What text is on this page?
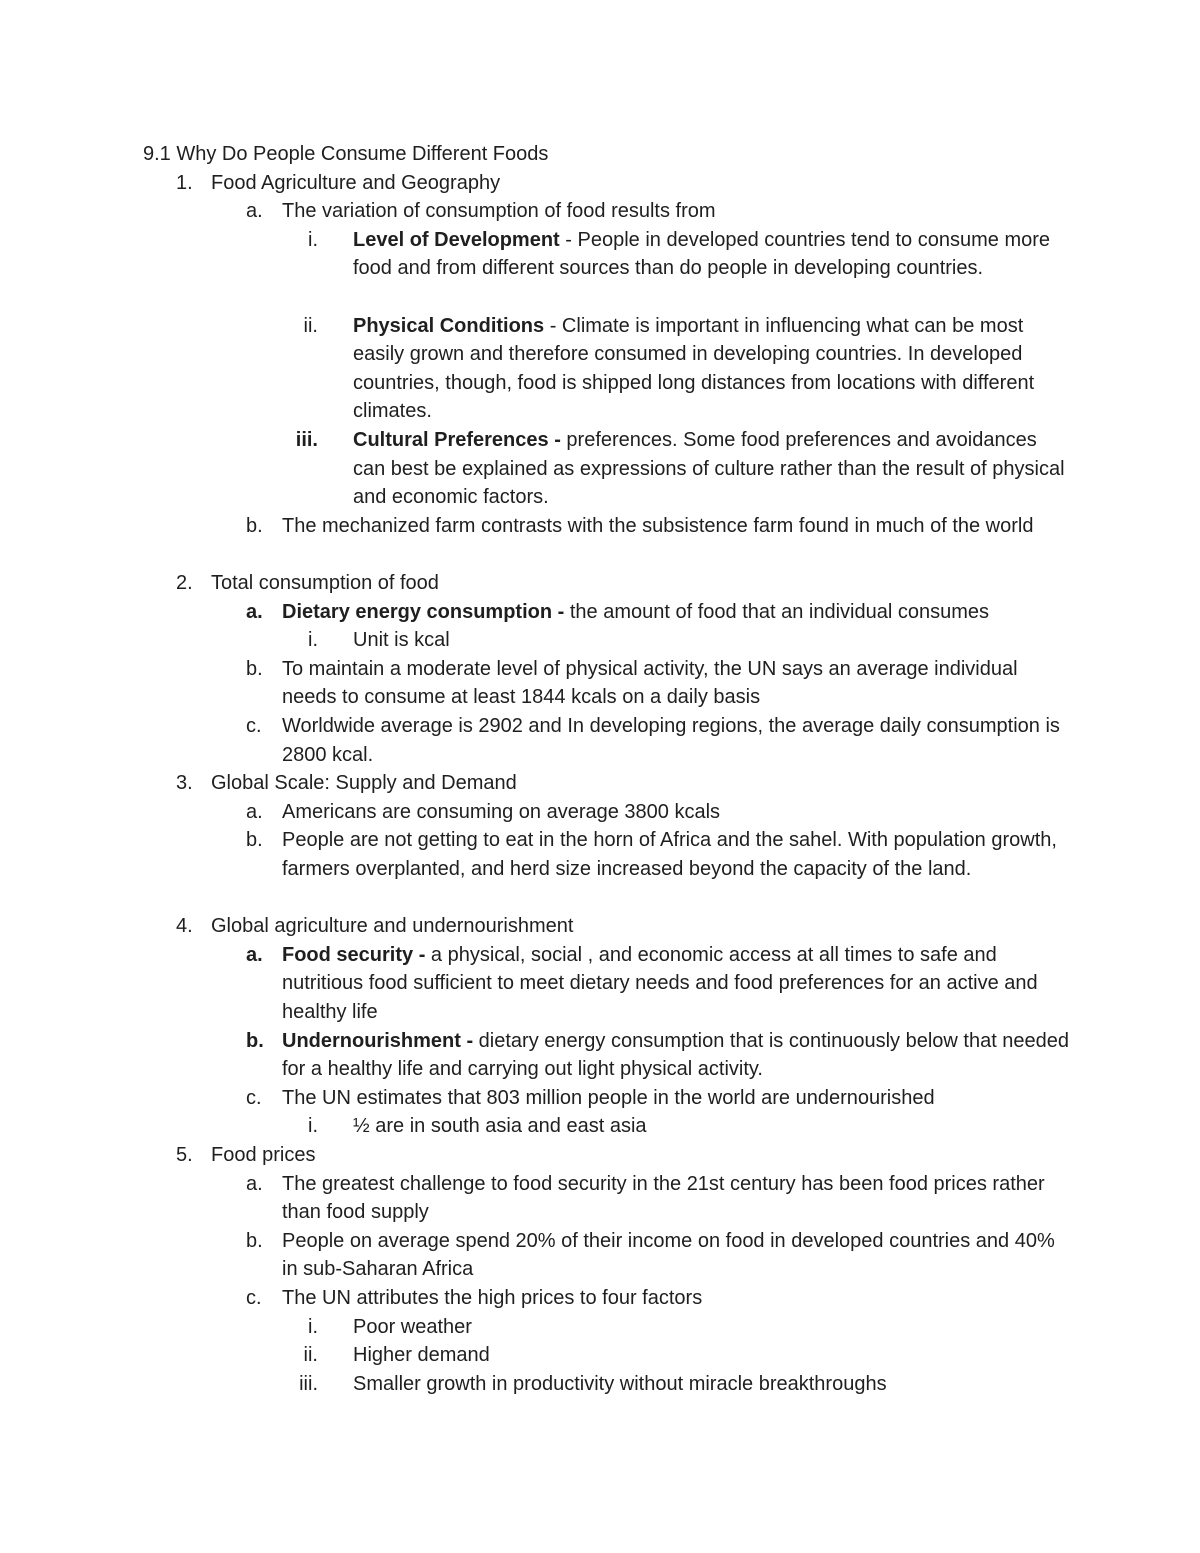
9.1 Why Do People Consume Different Foods
1. Food Agriculture and Geography
a. The variation of consumption of food results from
i. Level of Development - People in developed countries tend to consume more food and from different sources than do people in developing countries.
ii. Physical Conditions - Climate is important in influencing what can be most easily grown and therefore consumed in developing countries. In developed countries, though, food is shipped long distances from locations with different climates.
iii. Cultural Preferences - preferences. Some food preferences and avoidances can best be explained as expressions of culture rather than the result of physical and economic factors.
b. The mechanized farm contrasts with the subsistence farm found in much of the world
2. Total consumption of food
a. Dietary energy consumption - the amount of food that an individual consumes
i. Unit is kcal
b. To maintain a moderate level of physical activity, the UN says an average individual needs to consume at least 1844 kcals on a daily basis
c. Worldwide average is 2902 and In developing regions, the average daily consumption is 2800 kcal.
3. Global Scale: Supply and Demand
a. Americans are consuming on average 3800 kcals
b. People are not getting to eat in the horn of Africa and the sahel. With population growth, farmers overplanted, and herd size increased beyond the capacity of the land.
4. Global agriculture and undernourishment
a. Food security - a physical, social , and economic access at all times to safe and nutritious food sufficient to meet dietary needs and food preferences for an active and healthy life
b. Undernourishment - dietary energy consumption that is continuously below that needed for a healthy life and carrying out light physical activity.
c. The UN estimates that 803 million people in the world are undernourished
i. ½ are in south asia and east asia
5. Food prices
a. The greatest challenge to food security in the 21st century has been food prices rather than food supply
b. People on average spend 20% of their income on food in developed countries and 40% in sub-Saharan Africa
c. The UN attributes the high prices to four factors
i. Poor weather
ii. Higher demand
iii. Smaller growth in productivity without miracle breakthroughs
